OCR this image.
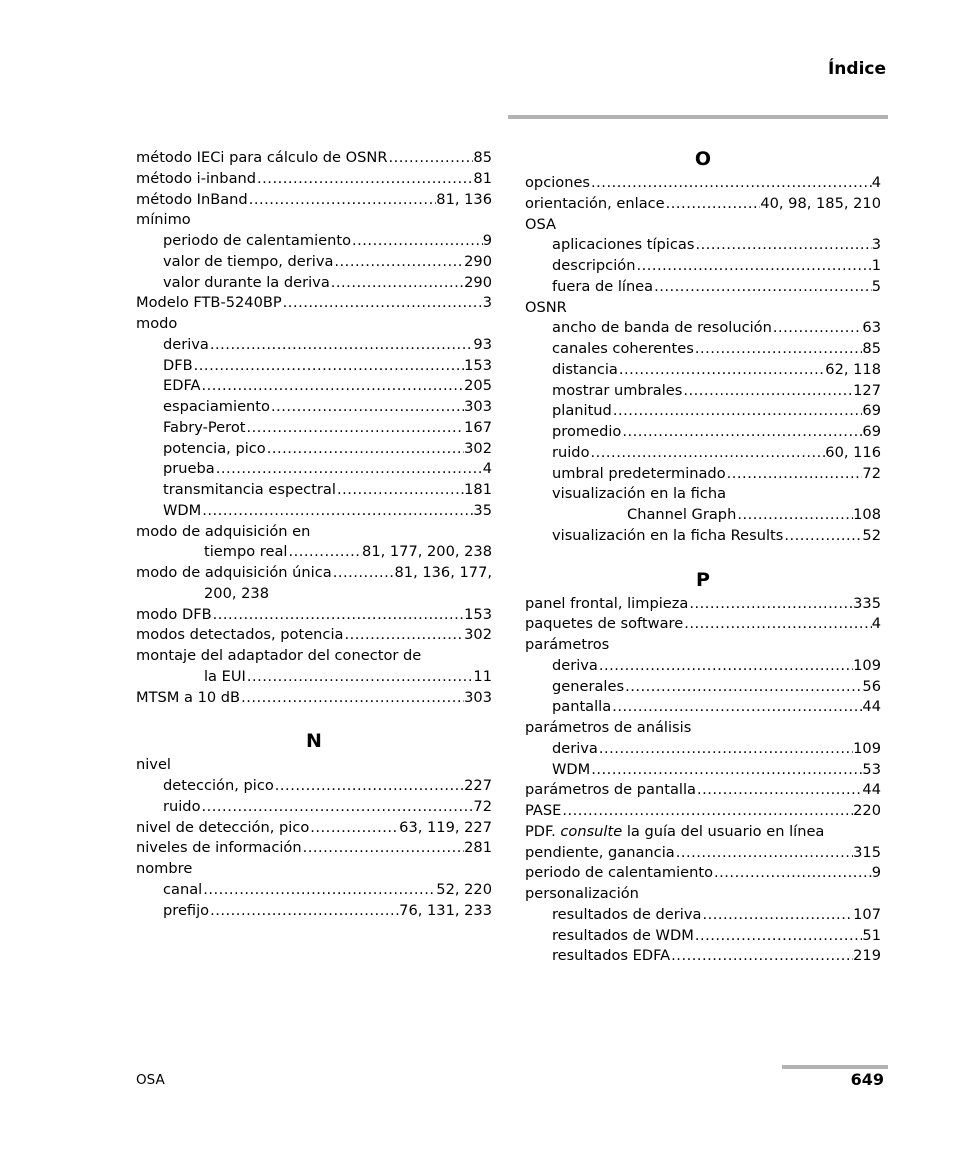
Índice
método IECi para cálculo de OSNR .....	85
método i-inband .....	81
método InBand .....	81, 136
mínimo
periodo de calentamiento .....	9
valor de tiempo, deriva .....	290
valor durante la deriva .....	290
Modelo FTB-5240BP .....	3
modo
deriva .....	93
DFB .....	153
EDFA .....	205
espaciamiento .....	303
Fabry-Perot .....	167
potencia, pico .....	302
prueba .....	4
transmitancia espectral .....	181
WDM .....	35
modo de adquisición en
tiempo real .....	81, 177, 200, 238
modo de adquisición única .....	81, 136, 177,
200, 238
modo DFB .....	153
modos detectados, potencia .....	302
montaje del adaptador del conector de
la EUI .....	11
MTSM a 10 dB .....	303
N
nivel
detección, pico .....	227
ruido .....	72
nivel de detección, pico .....	63, 119, 227
niveles de información .....	281
nombre
canal .....	52, 220
prefijo .....	76, 131, 233
O
opciones .....	4
orientación, enlace .....	40, 98, 185, 210
OSA
aplicaciones típicas .....	3
descripción .....	1
fuera de línea .....	5
OSNR
ancho de banda de resolución .....	63
canales coherentes .....	85
distancia .....	62, 118
mostrar umbrales .....	127
planitud .....	69
promedio .....	69
ruido .....	60, 116
umbral predeterminado .....	72
visualización en la ficha
Channel Graph .....	108
visualización en la ficha Results .....	52
P
panel frontal, limpieza .....	335
paquetes de software .....	4
parámetros
deriva .....	109
generales .....	56
pantalla .....	44
parámetros de análisis
deriva .....	109
WDM .....	53
parámetros de pantalla .....	44
PASE .....	220
PDF. consulte la guía del usuario en línea
pendiente, ganancia .....	315
periodo de calentamiento .....	9
personalización
resultados de deriva .....	107
resultados de WDM .....	51
resultados EDFA .....	219
OSA	649
